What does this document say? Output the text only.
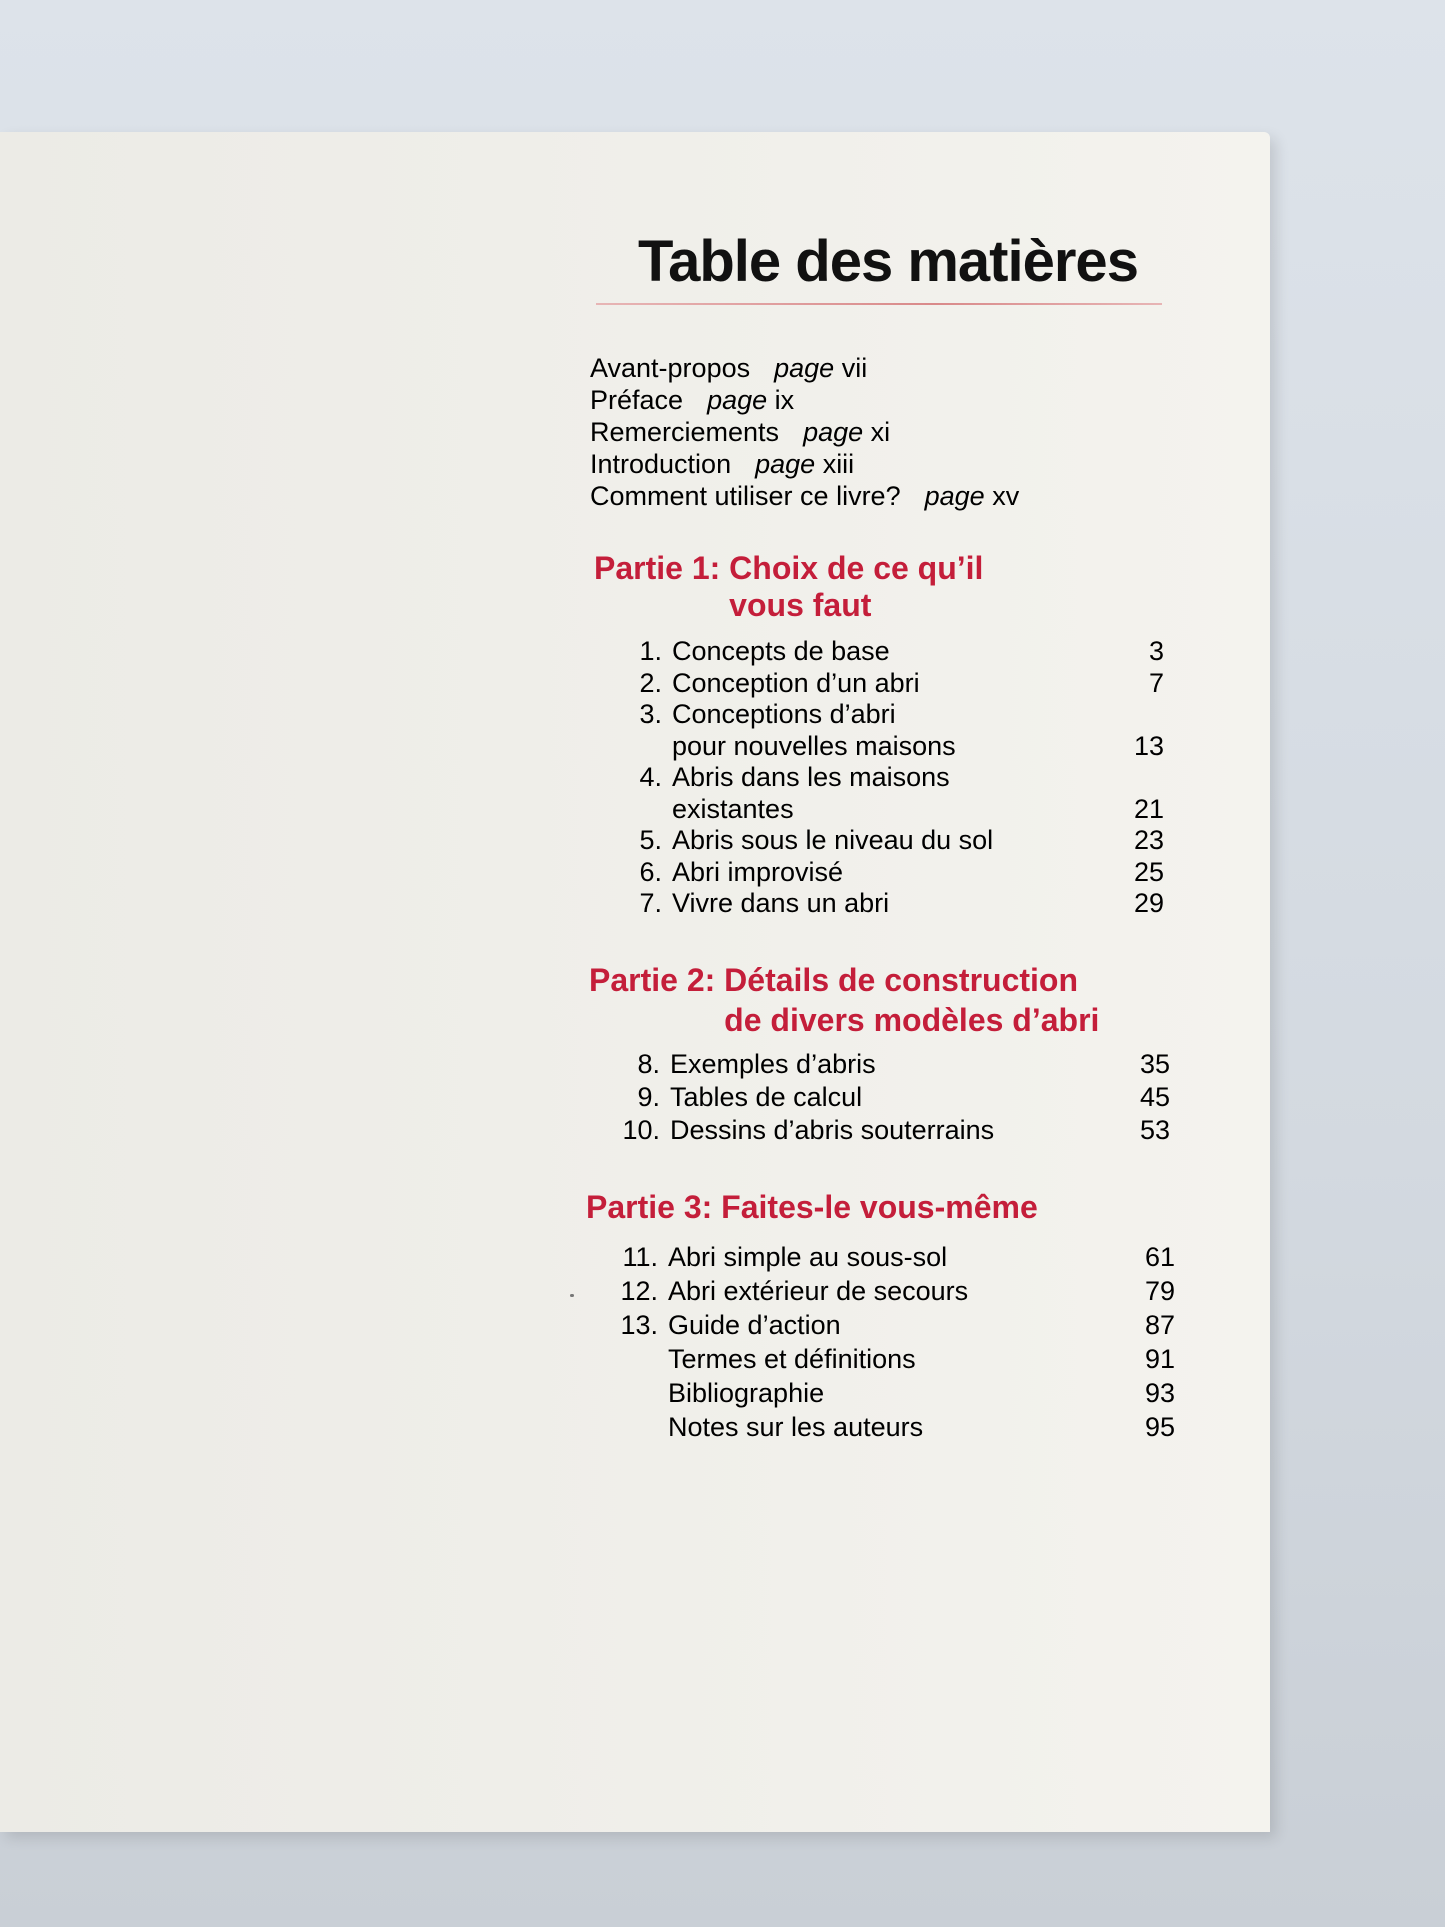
Table des matières
Avant-propos page vii
Préface page ix
Remerciements page xi
Introduction page xiii
Comment utiliser ce livre? page xv
Partie 1: Choix de ce qu’il
vous faut
1. Concepts de base	3
2. Conception d’un abri	7
3. Conceptions d’abri
pour nouvelles maisons	13
4. Abris dans les maisons
existantes	21
5. Abris sous le niveau du sol	23
6. Abri improvisé	25
7. Vivre dans un abri	29
Partie 2: Détails de construction
de divers modèles d’abri
8. Exemples d’abris	35
9. Tables de calcul	45
10. Dessins d’abris souterrains	53
Partie 3: Faites-le vous-même
11. Abri simple au sous-sol	61
12. Abri extérieur de secours	79
13. Guide d’action	87
Termes et définitions	91
Bibliographie	93
Notes sur les auteurs	95
